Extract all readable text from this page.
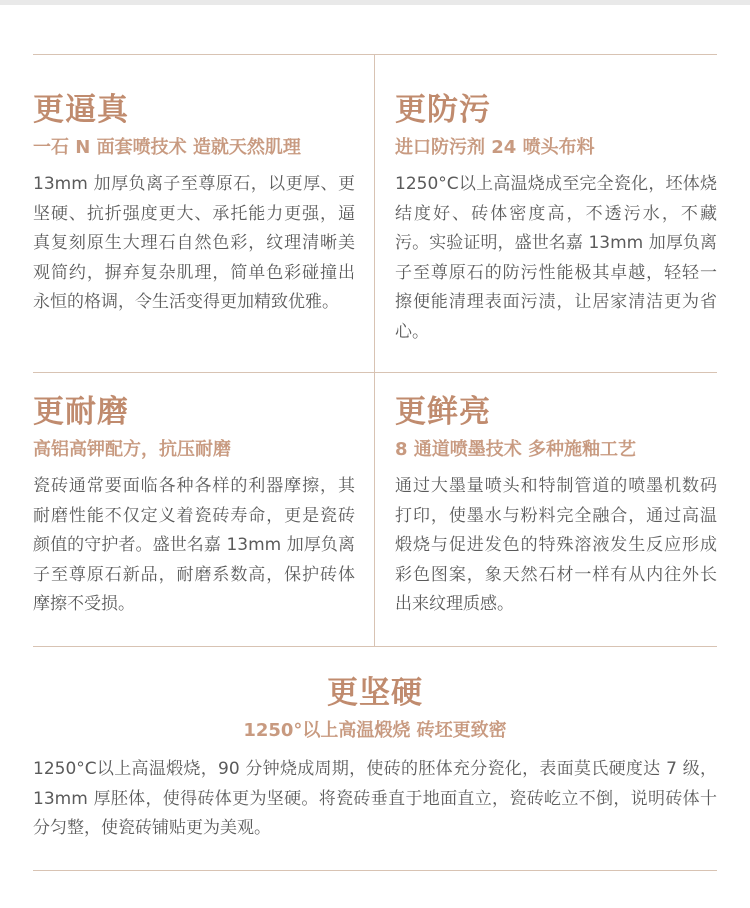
更逼真
一石 N 面套喷技术 造就天然肌理
13mm 加厚负离子至尊原石，以更厚、更坚硬、抗折强度更大、承托能力更强，逼真复刻原生大理石自然色彩，纹理清晰美观简约，摒弃复杂肌理，简单色彩碰撞出永恒的格调，令生活变得更加精致优雅。
更防污
进口防污剂 24 喷头布料
1250°C以上高温烧成至完全瓷化，坯体烧结度好、砖体密度高，不透污水，不藏污。实验证明，盛世名嘉 13mm 加厚负离子至尊原石的防污性能极其卓越，轻轻一擦便能清理表面污渍，让居家清洁更为省心。
更耐磨
高铝高钾配方，抗压耐磨
瓷砖通常要面临各种各样的利器摩擦，其耐磨性能不仅定义着瓷砖寿命，更是瓷砖颜值的守护者。盛世名嘉 13mm 加厚负离子至尊原石新品，耐磨系数高，保护砖体摩擦不受损。
更鲜亮
8 通道喷墨技术 多种施釉工艺
通过大墨量喷头和特制管道的喷墨机数码打印，使墨水与粉料完全融合，通过高温煅烧与促进发色的特殊溶液发生反应形成彩色图案，象天然石材一样有从内往外长出来纹理质感。
更坚硬
1250°以上高温煅烧 砖坯更致密
1250°C以上高温煅烧，90 分钟烧成周期，使砖的胚体充分瓷化，表面莫氏硬度达 7 级，13mm 厚胚体，使得砖体更为坚硬。将瓷砖垂直于地面直立，瓷砖屹立不倒，说明砖体十分匀整，使瓷砖铺贴更为美观。
